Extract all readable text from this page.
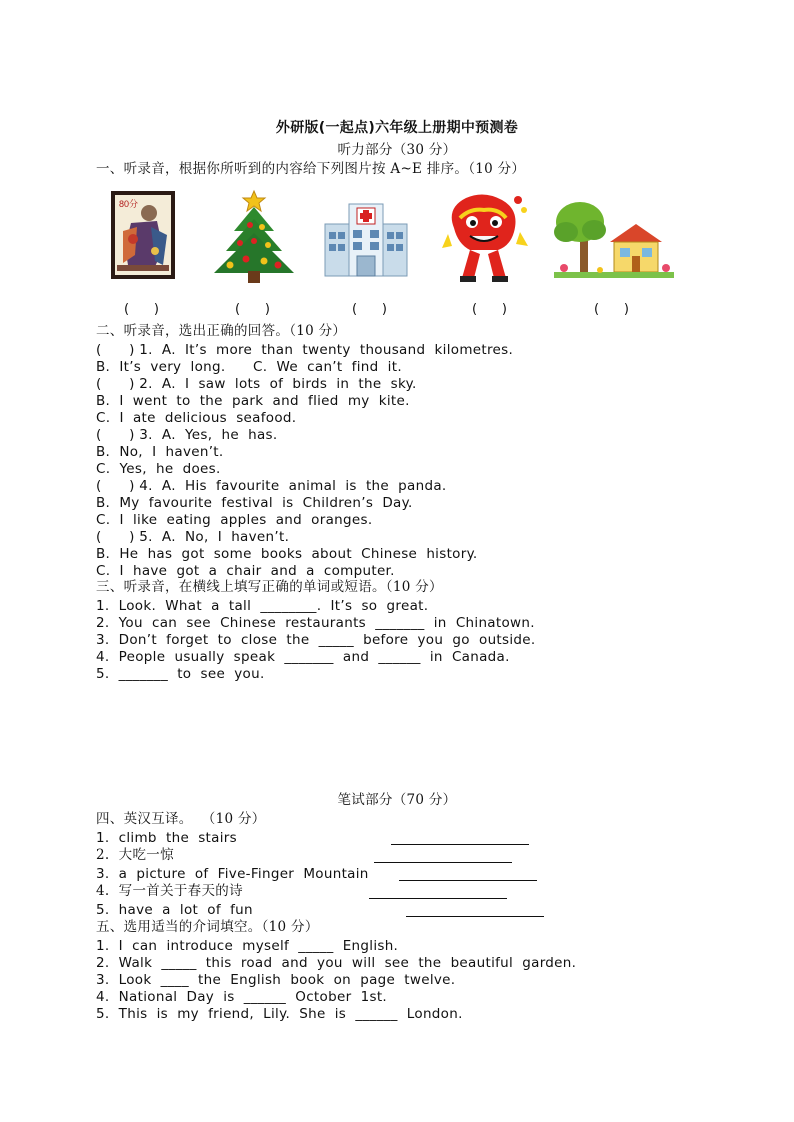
外研版(一起点)六年级上册期中预测卷
听力部分（30 分）
一、听录音，根据你所听到的内容给下列图片按 A~E 排序。（10 分）
80分
(      )	(      )	(      )	(      )	(      )
二、听录音，选出正确的回答。（10 分）
(      ) 1.  A.  It’s  more  than  twenty  thousand  kilometres.
B.  It’s  very  long.      C.  We  can’t  find  it.
(      ) 2.  A.  I  saw  lots  of  birds  in  the  sky.
B.  I  went  to  the  park  and  flied  my  kite.
C.  I  ate  delicious  seafood.
(      ) 3.  A.  Yes,  he  has.
B.  No,  I  haven’t.
C.  Yes,  he  does.
(      ) 4.  A.  His  favourite  animal  is  the  panda.
B.  My  favourite  festival  is  Children’s  Day.
C.  I  like  eating  apples  and  oranges.
(      ) 5.  A.  No,  I  haven’t.
B.  He  has  got  some  books  about  Chinese  history.
C.  I  have  got  a  chair  and  a  computer.
三、听录音，在横线上填写正确的单词或短语。（10 分）
1.  Look.  What  a  tall  ________.  It’s  so  great.
2.  You  can  see  Chinese  restaurants  _______  in  Chinatown.
3.  Don’t  forget  to  close  the  _____  before  you  go  outside.
4.  People  usually  speak  _______  and  ______  in  Canada.
5.  _______  to  see  you.
笔试部分（70 分）
四、英汉互译。  （10 分）
1.  climb  the  stairs
2.  大吃一惊
3.  a  picture  of  Five-Finger  Mountain
4.  写一首关于春天的诗
5.  have  a  lot  of  fun
五、选用适当的介词填空。（10 分）
1.  I  can  introduce  myself  _____  English.
2.  Walk  _____  this  road  and  you  will  see  the  beautiful  garden.
3.  Look  ____  the  English  book  on  page  twelve.
4.  National  Day  is  ______  October  1st.
5.  This  is  my  friend,  Lily.  She  is  ______  London.
